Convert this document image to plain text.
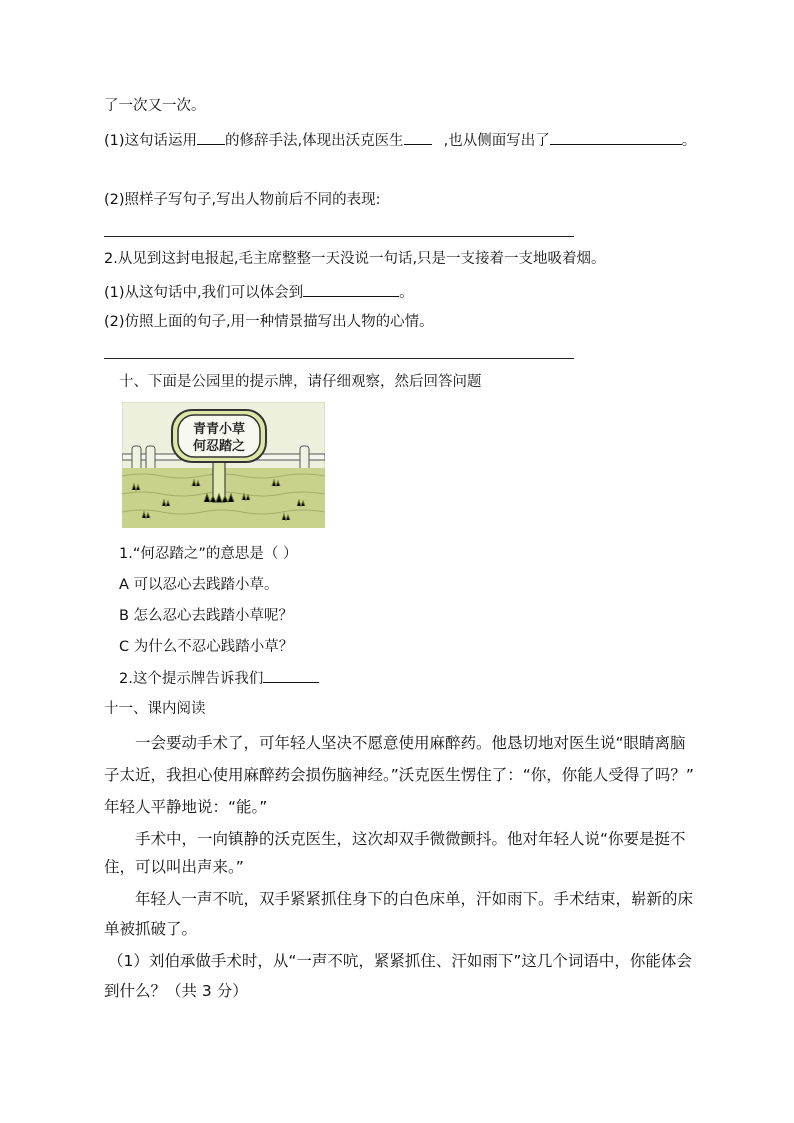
了一次又一次。
(1)这句话运用 的修辞手法,体现出沃克医生	,也从侧面写出了	。
(2)照样子写句子,写出人物前后不同的表现:
2.从见到这封电报起,毛主席整整一天没说一句话,只是一支接着一支地吸着烟。
(1)从这句话中,我们可以体会到	。
(2)仿照上面的句子,用一种情景描写出人物的心情。
十、下面是公园里的提示牌，请仔细观察，然后回答问题
青青小草
何忍踏之
1.“何忍踏之”的意思是（ ）
A 可以忍心去践踏小草。
B 怎么忍心去践踏小草呢？
C 为什么不忍心践踏小草？
2.这个提示牌告诉我们
十一、课内阅读
一会要动手术了，可年轻人坚决不愿意使用麻醉药。他恳切地对医生说“眼睛离脑
子太近，我担心使用麻醉药会损伤脑神经。”沃克医生愣住了：“你，你能人受得了吗？”
年轻人平静地说：“能。”
手术中，一向镇静的沃克医生，这次却双手微微颤抖。他对年轻人说“你要是挺不
住，可以叫出声来。”
年轻人一声不吭，双手紧紧抓住身下的白色床单，汗如雨下。手术结束，崭新的床
单被抓破了。
（1）刘伯承做手术时，从“一声不吭，紧紧抓住、汗如雨下”这几个词语中，你能体会
到什么？（共 3 分）
